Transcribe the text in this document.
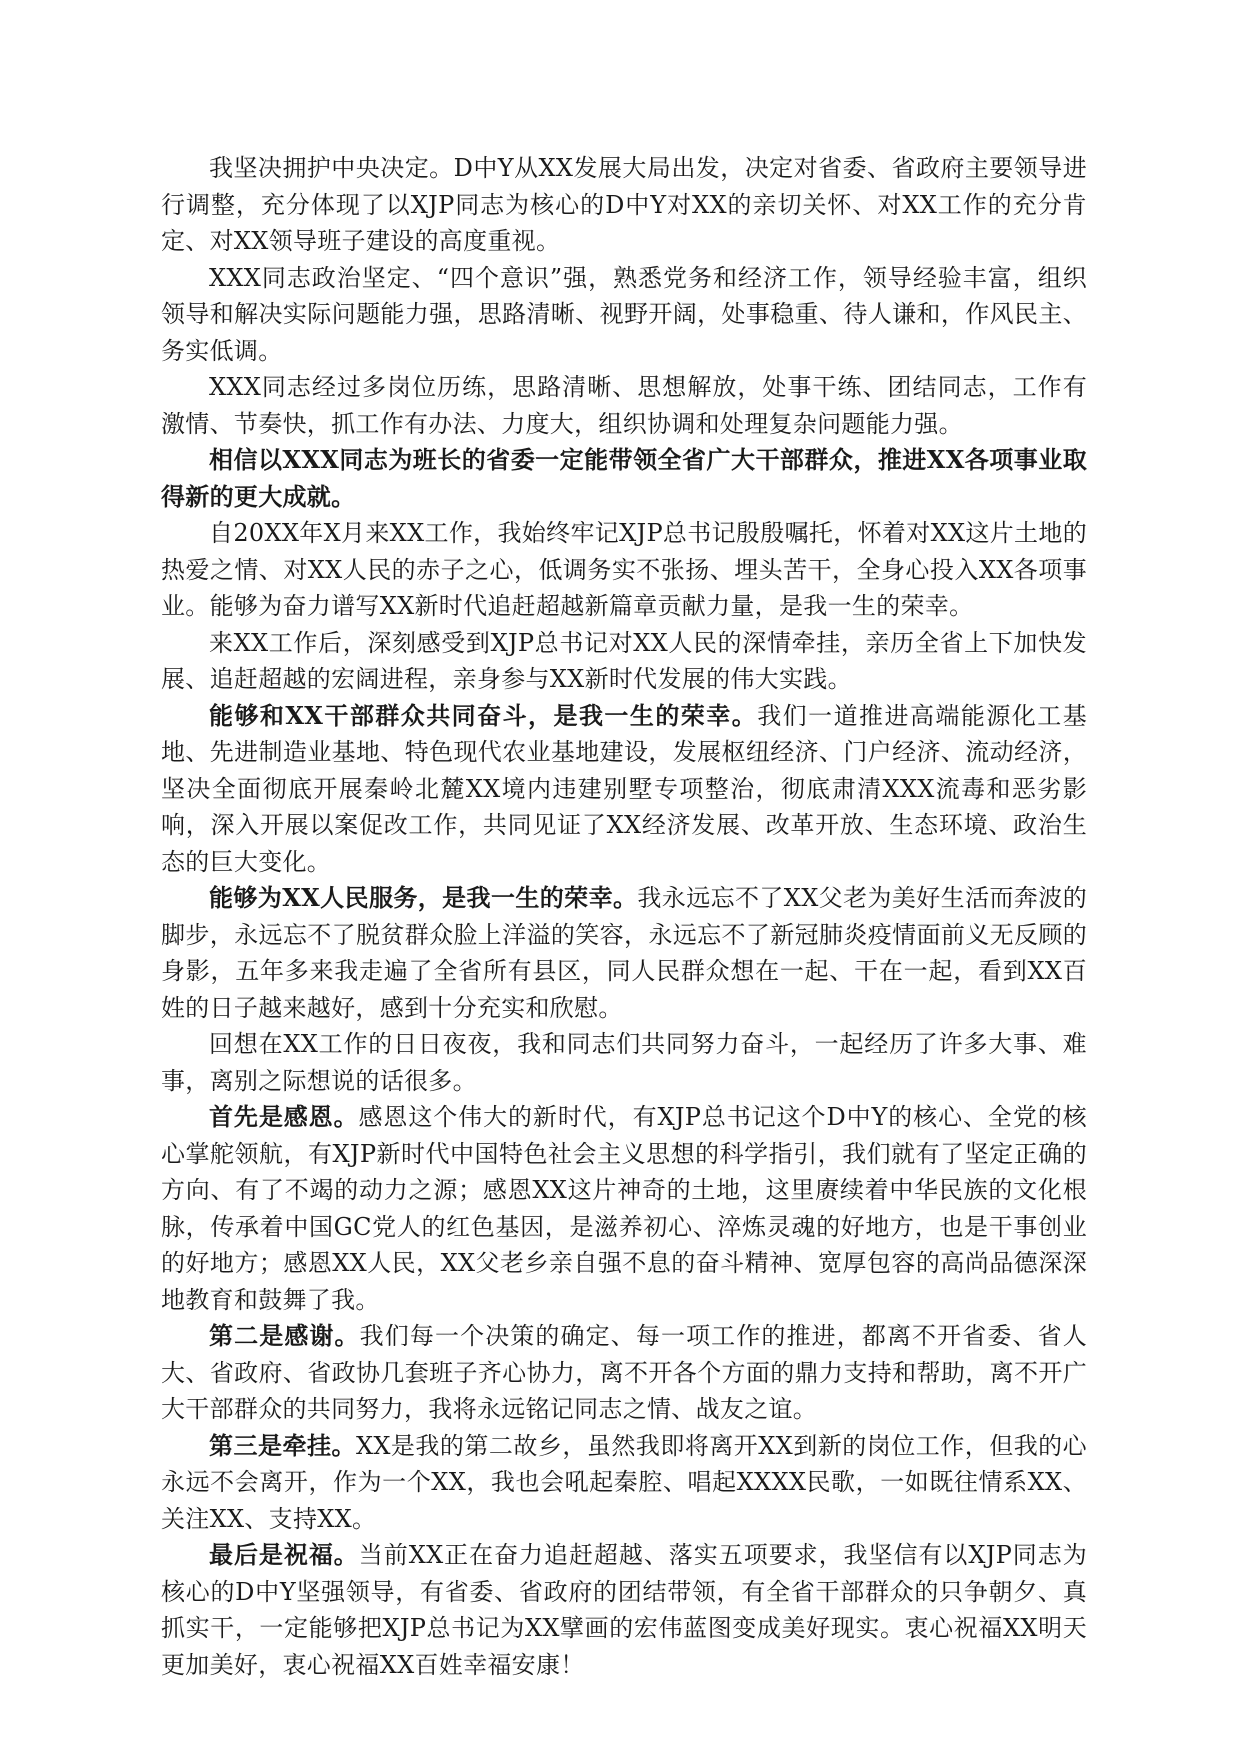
我坚决拥护中央决定。D中Y从XX发展大局出发，决定对省委、省政府主要领导进行调整，充分体现了以XJP同志为核心的D中Y对XX的亲切关怀、对XX工作的充分肯定、对XX领导班子建设的高度重视。

XXX同志政治坚定、“四个意识”强，熟悉党务和经济工作，领导经验丰富，组织领导和解决实际问题能力强，思路清晰、视野开阔，处事稳重、待人谦和，作风民主、务实低调。

XXX同志经过多岗位历练，思路清晰、思想解放，处事干练、团结同志，工作有激情、节奏快，抓工作有办法、力度大，组织协调和处理复杂问题能力强。

相信以XXX同志为班长的省委一定能带领全省广大干部群众，推进XX各项事业取得新的更大成就。

自20XX年X月来XX工作，我始终牢记XJP总书记殷殷嘱托，怀着对XX这片土地的热爱之情、对XX人民的赤子之心，低调务实不张扬、埋头苦干，全身心投入XX各项事业。能够为奋力谱写XX新时代追赶超越新篇章贡献力量，是我一生的荣幸。

来XX工作后，深刻感受到XJP总书记对XX人民的深情牵挂，亲历全省上下加快发展、追赶超越的宏阔进程，亲身参与XX新时代发展的伟大实践。

能够和XX干部群众共同奋斗，是我一生的荣幸。我们一道推进高端能源化工基地、先进制造业基地、特色现代农业基地建设，发展枢纽经济、门户经济、流动经济，坚决全面彻底开展秦岭北麓XX境内违建别墅专项整治，彻底肃清XXX流毒和恶劣影响，深入开展以案促改工作，共同见证了XX经济发展、改革开放、生态环境、政治生态的巨大变化。

能够为XX人民服务，是我一生的荣幸。我永远忘不了XX父老为美好生活而奔波的脚步，永远忘不了脱贫群众脸上洋溢的笑容，永远忘不了新冠肺炎疫情面前义无反顾的身影，五年多来我走遍了全省所有县区，同人民群众想在一起、干在一起，看到XX百姓的日子越来越好，感到十分充实和欣慰。

回想在XX工作的日日夜夜，我和同志们共同努力奋斗，一起经历了许多大事、难事，离别之际想说的话很多。

首先是感恩。感恩这个伟大的新时代，有XJP总书记这个D中Y的核心、全党的核心掌舵领航，有XJP新时代中国特色社会主义思想的科学指引，我们就有了坚定正确的方向、有了不竭的动力之源；感恩XX这片神奇的土地，这里赓续着中华民族的文化根脉，传承着中国GC党人的红色基因，是滋养初心、淬炼灵魂的好地方，也是干事创业的好地方；感恩XX人民，XX父老乡亲自强不息的奋斗精神、宽厚包容的高尚品德深深地教育和鼓舞了我。

第二是感谢。我们每一个决策的确定、每一项工作的推进，都离不开省委、省人大、省政府、省政协几套班子齐心协力，离不开各个方面的鼎力支持和帮助，离不开广大干部群众的共同努力，我将永远铭记同志之情、战友之谊。

第三是牵挂。XX是我的第二故乡，虽然我即将离开XX到新的岗位工作，但我的心永远不会离开，作为一个XX，我也会吼起秦腔、唱起XXXX民歌，一如既往情系XX、关注XX、支持XX。

最后是祝福。当前XX正在奋力追赶超越、落实五项要求，我坚信有以XJP同志为核心的D中Y坚强领导，有省委、省政府的团结带领，有全省干部群众的只争朝夕、真抓实干，一定能够把XJP总书记为XX擘画的宏伟蓝图变成美好现实。衷心祝福XX明天更加美好，衷心祝福XX百姓幸福安康！
